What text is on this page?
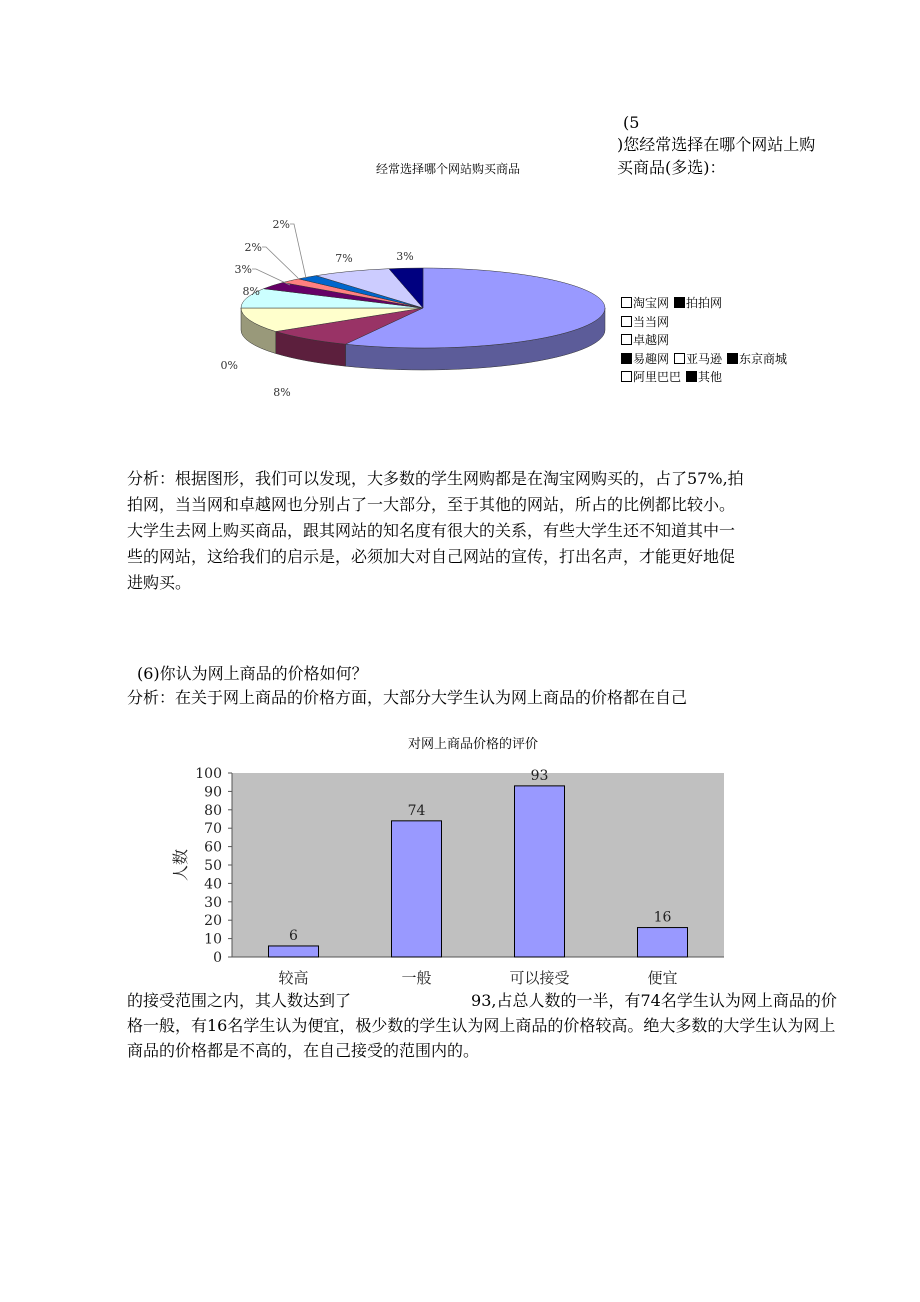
(5
)您经常选择在哪个网站上购买商品(多选)：
经常选择哪个网站购买商品
8%
0%
8%
3%
2%
2%
7%	3%
淘宝网 拍拍网
当当网
卓越网
易趣网 亚马逊 东京商城
阿里巴巴 其他
分析：根据图形，我们可以发现，大多数的学生网购都是在淘宝网购买的，占了57%,拍拍网，当当网和卓越网也分别占了一大部分，至于其他的网站，所占的比例都比较小。大学生去网上购买商品，跟其网站的知名度有很大的关系，有些大学生还不知道其中一些的网站，这给我们的启示是，必须加大对自己网站的宣传，打出名声，才能更好地促进购买。
(6)你认为网上商品的价格如何？
分析：在关于网上商品的价格方面，大部分大学生认为网上商品的价格都在自己
对网上商品价格的评价
0
10
20
30
40
50
60
70
80
90
100
人数
6
较高
74
一般
93
可以接受
16
便宜
的接受范围之内，其人数达到了	93,占总人数的一半，有74名学生认为网上商品的价格一般，有16名学生认为便宜，极少数的学生认为网上商品的价格较高。绝大多数的大学生认为网上商品的价格都是不高的，在自己接受的范围内的。
